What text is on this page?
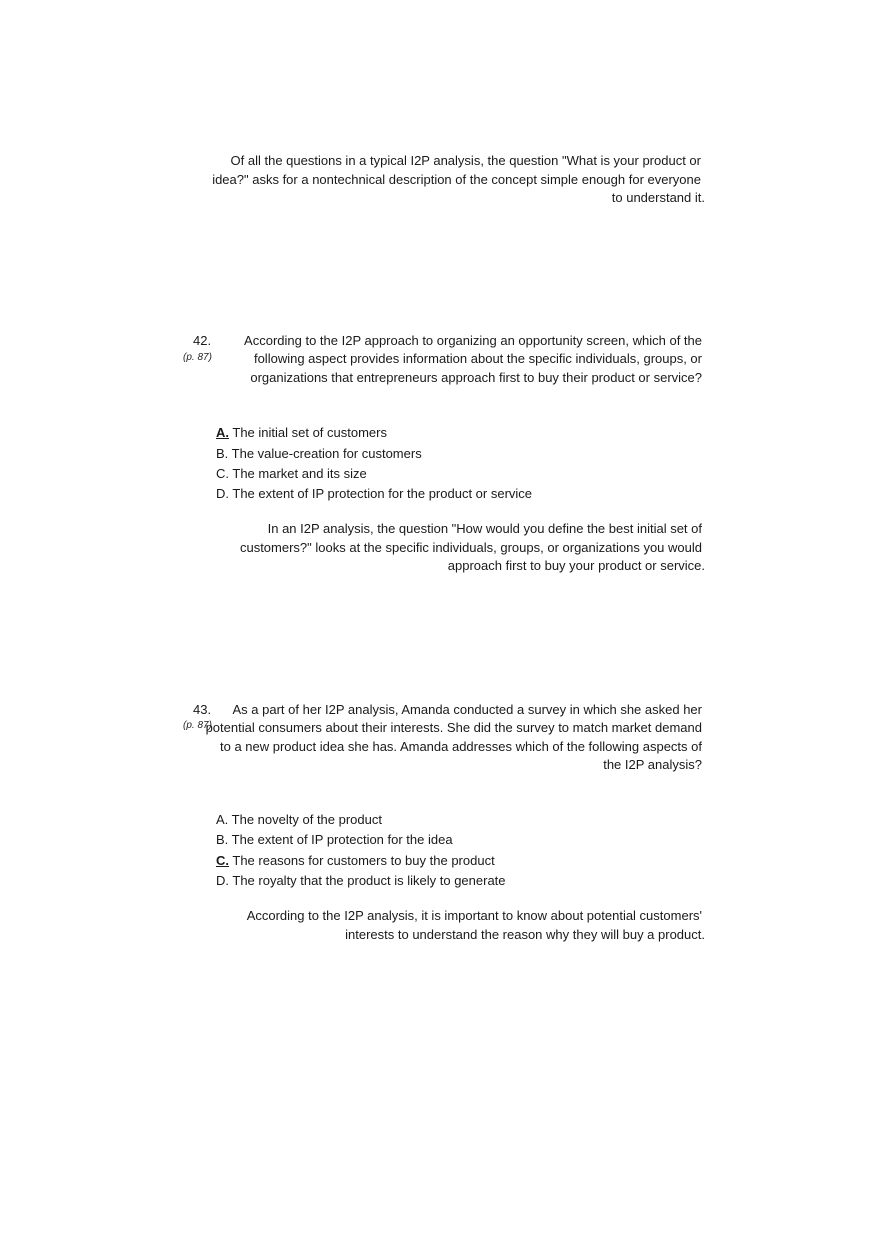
Of all the questions in a typical I2P analysis, the question "What is your product or
idea?" asks for a nontechnical description of the concept simple enough for everyone
to understand it.
42.
(p. 87)
According to the I2P approach to organizing an opportunity screen, which of the
following aspect provides information about the specific individuals, groups, or
organizations that entrepreneurs approach first to buy their product or service?
A. The initial set of customers
B. The value-creation for customers
C. The market and its size
D. The extent of IP protection for the product or service
In an I2P analysis, the question "How would you define the best initial set of
customers?" looks at the specific individuals, groups, or organizations you would
approach first to buy your product or service.
43.
(p. 87)
As a part of her I2P analysis, Amanda conducted a survey in which she asked her
potential consumers about their interests. She did the survey to match market demand
to a new product idea she has. Amanda addresses which of the following aspects of
the I2P analysis?
A. The novelty of the product
B. The extent of IP protection for the idea
C. The reasons for customers to buy the product
D. The royalty that the product is likely to generate
According to the I2P analysis, it is important to know about potential customers'
interests to understand the reason why they will buy a product.
